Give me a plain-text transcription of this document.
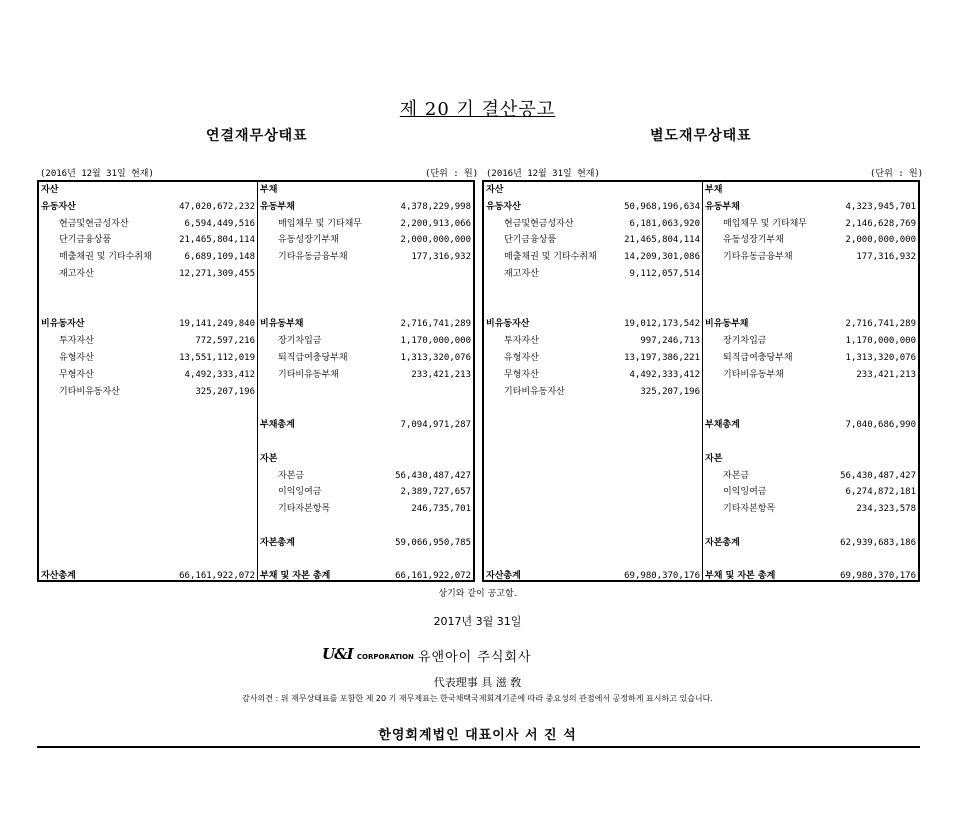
제 20 기 결산공고
연결재무상태표	별도재무상태표
(2016년 12월 31일 현재)	(단위 : 원) (2016년 12월 31일 현재)	(단위 : 원)
자산
유동자산	47,020,672,232
현금및현금성자산	6,594,449,516
단기금융상품	21,465,804,114
매출채권 및 기타수취채	6,689,109,148
재고자산	12,271,309,455
비유동자산	19,141,249,840
투자자산	772,597,216
유형자산	13,551,112,019
무형자산	4,492,333,412
기타비유동자산	325,207,196
자산총계	66,161,922,072
부채
유동부채	4,378,229,998
매입채무 및 기타채무	2,200,913,066
유동성장기부채	2,000,000,000
기타유동금융부채	177,316,932
비유동부채	2,716,741,289
장기차입금	1,170,000,000
퇴직급여충당부채	1,313,320,076
기타비유동부채	233,421,213
부채총계	7,094,971,287
자본
자본금	56,430,487,427
이익잉여금	2,389,727,657
기타자본항목	246,735,701
자본총계	59,066,950,785
부채 및 자본 총계	66,161,922,072
자산
유동자산	50,968,196,634
현금및현금성자산	6,181,063,920
단기금융상품	21,465,804,114
매출채권 및 기타수취채	14,209,301,086
재고자산	9,112,057,514
비유동자산	19,012,173,542
투자자산	997,246,713
유형자산	13,197,386,221
무형자산	4,492,333,412
기타비유동자산	325,207,196
자산총계	69,980,370,176
부채
유동부채	4,323,945,701
매입채무 및 기타채무	2,146,628,769
유동성장기부채	2,000,000,000
기타유동금융부채	177,316,932
비유동부채	2,716,741,289
장기차입금	1,170,000,000
퇴직급여충당부채	1,313,320,076
기타비유동부채	233,421,213
부채총계	7,040,686,990
자본
자본금	56,430,487,427
이익잉여금	6,274,872,181
기타자본항목	234,323,578
자본총계	62,939,683,186
부채 및 자본 총계	69,980,370,176
상기와 같이 공고함.
2017년 3월 31일
U&I CORPORATION 유앤아이 주식회사
代表理事 具 滋 敎
감사의견 : 위 재무상태표를 포함한 제 20 기 재무제표는 한국채택국제회계기준에 따라 중요성의 관점에서 공정하게 표시하고 있습니다.
한영회계법인 대표이사 서 진 석
